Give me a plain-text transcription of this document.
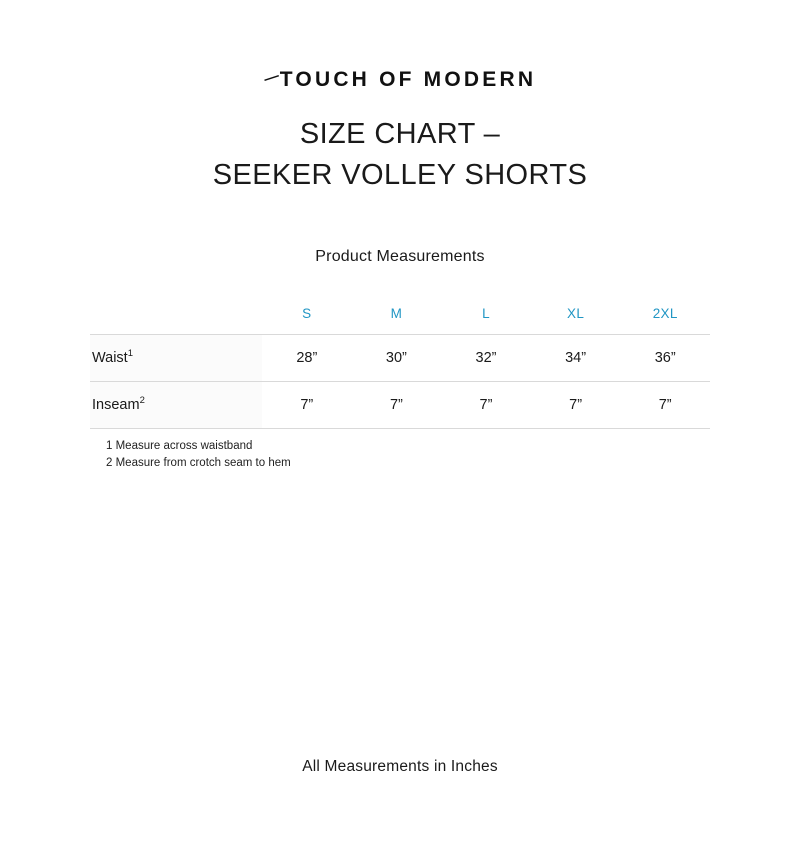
—TOUCH OF MODERN
SIZE CHART –
SEEKER VOLLEY SHORTS
Product Measurements
	S	M	L	XL	2XL
Waist$^1$	28”	30”	32”	34”	36”
Inseam$^2$	7”	7”	7”	7”	7”
1 Measure across waistband
2 Measure from crotch seam to hem
All Measurements in Inches
